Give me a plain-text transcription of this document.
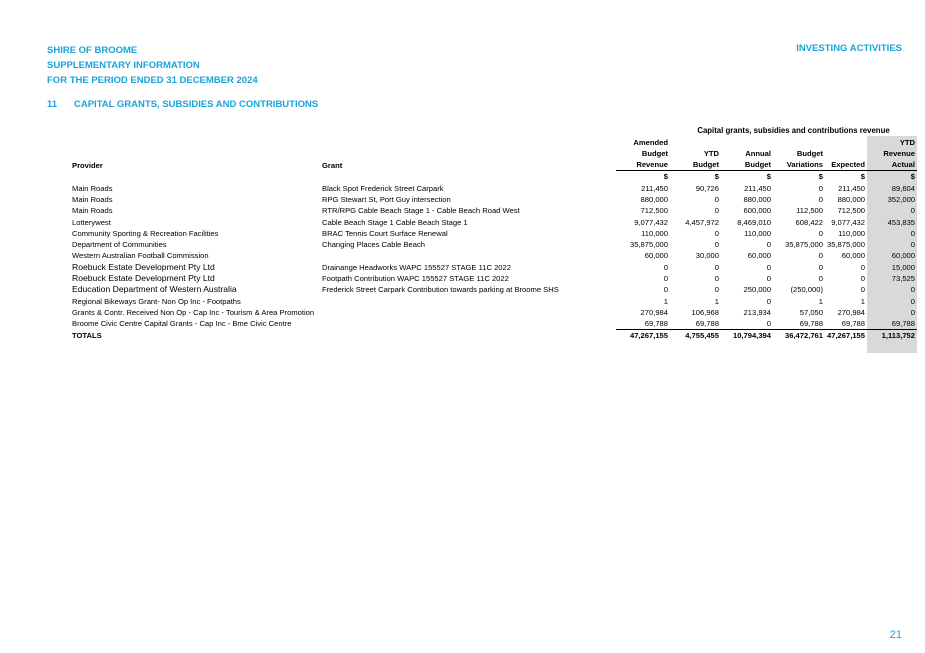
SHIRE OF BROOME
SUPPLEMENTARY INFORMATION
FOR THE PERIOD ENDED 31 DECEMBER 2024
INVESTING ACTIVITIES
11 CAPITAL GRANTS, SUBSIDIES AND CONTRIBUTIONS
			Capital grants, subsidies and contributions revenue				
		Amended					YTD
		Budget	YTD	Annual	Budget		Revenue
Provider	Grant	Revenue	Budget	Budget	Variations	Expected	Actual
		$	$	$	$	$	$
Main Roads	Black Spot Frederick Street Carpark	211,450	90,726	211,450	0	211,450	89,604
Main Roads	RPG Stewart St, Port Guy intersection	880,000	0	880,000	0	880,000	352,000
Main Roads	RTR/RPG Cable Beach Stage 1 - Cable Beach Road West	712,500	0	600,000	112,500	712,500	0
Lotterywest	Cable Beach Stage 1 Cable Beach Stage 1	9,077,432	4,457,972	8,469,010	608,422	9,077,432	453,835
Community Sporting & Recreation Facilities	BRAC Tennis Court Surface Renewal	110,000	0	110,000	0	110,000	0
Department of Communities	Changing Places Cable Beach	35,875,000	0	0	35,875,000	35,875,000	0
Western Australian Football Commission		60,000	30,000	60,000	0	60,000	60,000
Roebuck Estate Development Pty Ltd	Drainange Headworks WAPC 155527 STAGE 11C 2022	0	0	0	0	0	15,000
Roebuck Estate Development Pty Ltd	Footpath Contribution WAPC 155527 STAGE 11C 2022	0	0	0	0	0	73,525
Education Department of Western Australia	Frederick Street Carpark Contribution towards parking at Broome SHS	0	0	250,000	(250,000)	0	0
Regional Bikeways Grant- Non Op Inc - Footpaths		1	1	0	1	1	0
Grants & Contr. Received Non Op - Cap Inc - Tourism & Area Promotion		270,984	106,968	213,934	57,050	270,984	0
Broome Civic Centre Capital Grants - Cap Inc - Bme Civic Centre		69,788	69,788	0	69,788	69,788	69,788
TOTALS		47,267,155	4,755,455	10,794,394	36,472,761	47,267,155	1,113,752

21
